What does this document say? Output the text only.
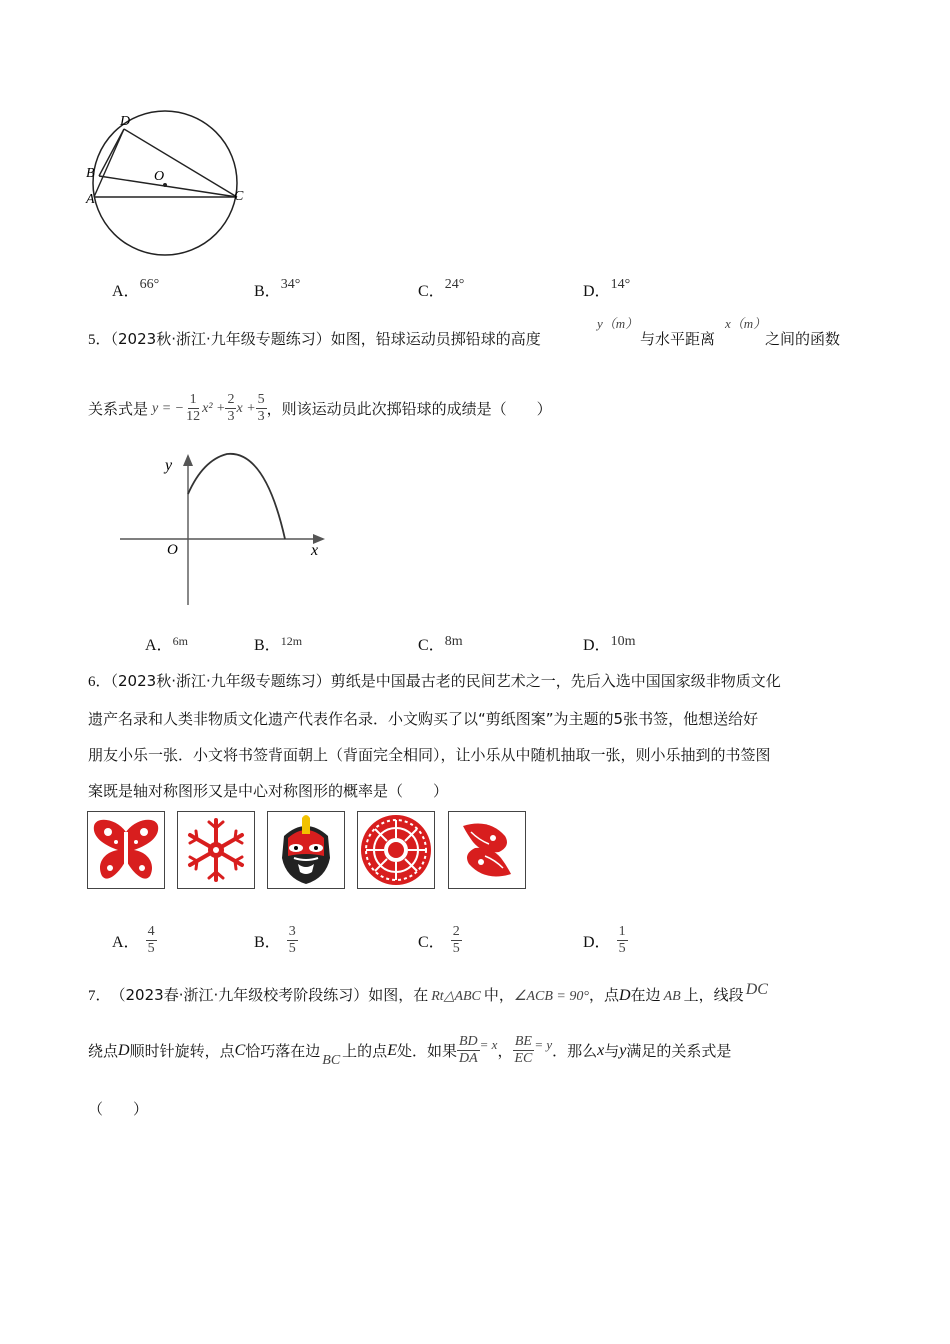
D
B
A
O
C
A．66°	B．34°	C．24°	D．14°
5．（2023秋·浙江·九年级专题练习）如图，铅球运动员掷铅球的高度
y（m）
与水平距离
x（m）
之间的函数
关系式是 y = − $\frac{1}{12} x^2 + \frac{2}{3}$ $x + \frac{5}{3}$ ，则该运动员此次掷铅球的成绩是（　　）
y
x
O
A．$^{6m}$	B．$^{12m}$	C．8m	D．10m
6．（2023秋·浙江·九年级专题练习）剪纸是中国最古老的民间艺术之一，先后入选中国国家级非物质文化
遗产名录和人类非物质文化遗产代表作名录．小文购买了以“剪纸图案”为主题的5张书签，他想送给好
朋友小乐一张．小文将书签背面朝上（背面完全相同），让小乐从中随机抽取一张，则小乐抽到的书签图
案既是轴对称图形又是中心对称图形的概率是（　　）
A． $\frac{4}{5}$	B． $\frac{3}{5}$	C． $\frac{2}{5}$	D． $\frac{1}{5}$
7． （2023春·浙江·九年级校考阶段练习） 如图，在 Rt△ABC 中， ∠ACB = 90° ，点 D 在边 AB 上，线段 DC
绕点 D 顺时针旋转，点 C 恰巧落在边 BC 上的点 E 处．如果 $\frac{BD}{DA} = x$ ， $\frac{BE}{EC} = y$ ．那么 x 与 y 满足的关系式是
（　　）
